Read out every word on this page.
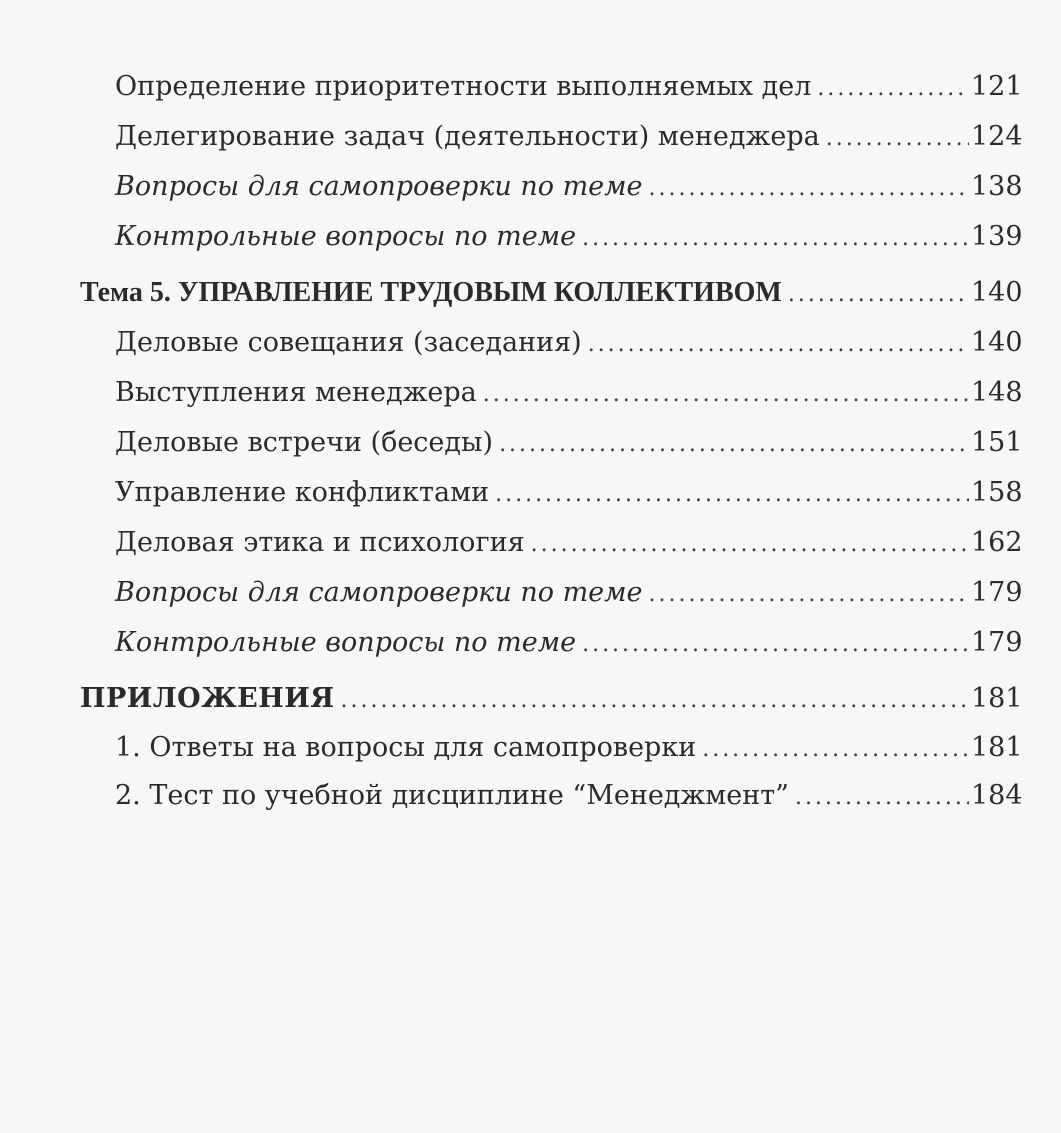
Определение приоритетности выполняемых дел .....	121
Делегирование задач (деятельности) менеджера .....	124
Вопросы для самопроверки по теме .....	138
Контрольные вопросы по теме .....	139
Тема 5. УПРАВЛЕНИЕ ТРУДОВЫМ КОЛЛЕКТИВОМ .....	140
Деловые совещания (заседания) .....	140
Выступления менеджера .....	148
Деловые встречи (беседы) .....	151
Управление конфликтами .....	158
Деловая этика и психология .....	162
Вопросы для самопроверки по теме .....	179
Контрольные вопросы по теме .....	179
ПРИЛОЖЕНИЯ .....	181
1. Ответы на вопросы для самопроверки .....	181
2. Тест по учебной дисциплине “Менеджмент” .....	184
